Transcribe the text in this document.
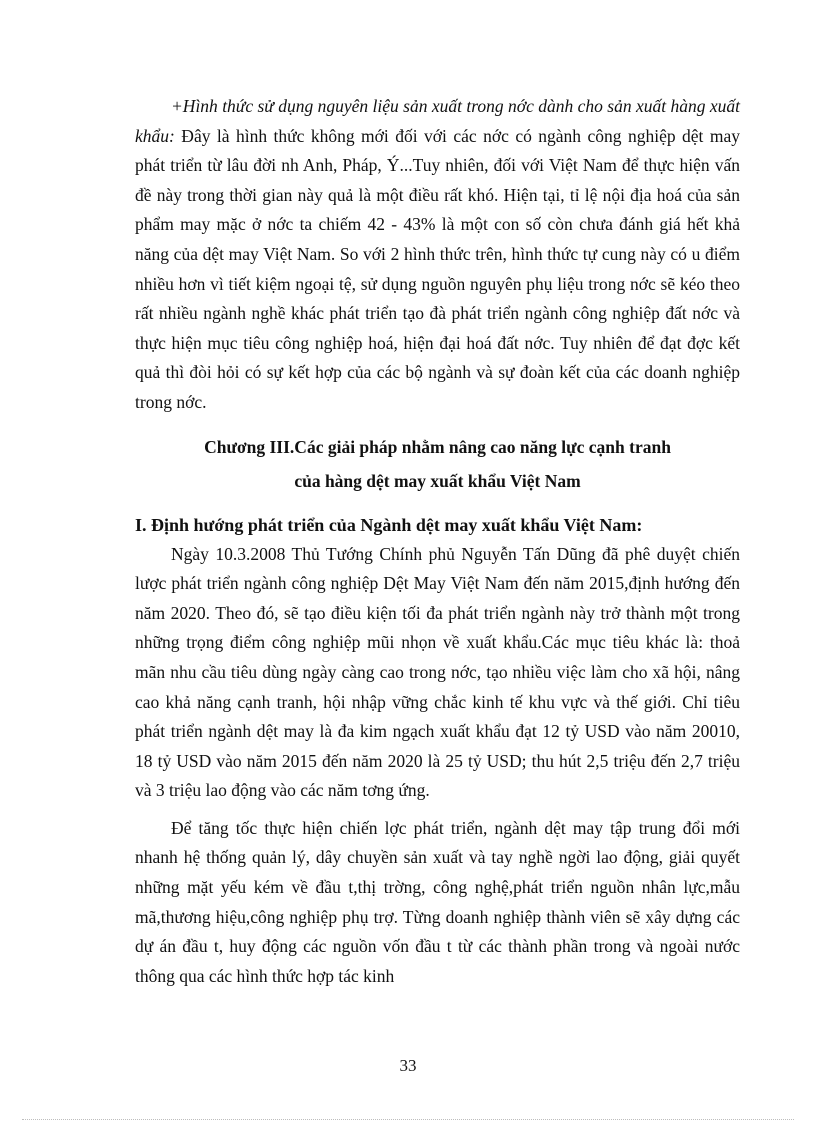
+Hình thức sử dụng nguyên liệu sản xuất trong nớc dành cho sản xuất hàng xuất khẩu: Đây là hình thức không mới đối với các nớc có ngành công nghiệp dệt may phát triển từ lâu đời nh Anh, Pháp, Ý...Tuy nhiên, đối với Việt Nam để thực hiện vấn đề này trong thời gian này quả là một điều rất khó. Hiện tại, tỉ lệ nội địa hoá của sản phẩm may mặc ở nớc ta chiếm 42 - 43% là một con số còn chưa đánh giá hết khả năng của dệt may Việt Nam. So với 2 hình thức trên, hình thức tự cung này có u điểm nhiều hơn vì tiết kiệm ngoại tệ, sử dụng nguồn nguyên phụ liệu trong nớc sẽ kéo theo rất nhiều ngành nghề khác phát triển tạo đà phát triển ngành công nghiệp đất nớc và thực hiện mục tiêu công nghiệp hoá, hiện đại hoá đất nớc. Tuy nhiên để đạt đợc kết quả thì đòi hỏi có sự kết hợp của các bộ ngành và sự đoàn kết của các doanh nghiệp trong nớc.

Chương III.Các giải pháp nhằm nâng cao năng lực cạnh tranh
của hàng dệt may xuất khẩu Việt Nam
I. Định hướng phát triển của Ngành dệt may xuất khẩu Việt Nam:

Ngày 10.3.2008 Thủ Tướng Chính phủ Nguyễn Tấn Dũng đã phê duyệt chiến lược phát triển ngành công nghiệp Dệt May Việt Nam đến năm 2015,định hướng đến năm 2020. Theo đó, sẽ tạo điều kiện tối đa phát triển ngành này trở thành một trong những trọng điểm công nghiệp mũi nhọn về xuất khẩu.Các mục tiêu khác là: thoả mãn nhu cầu tiêu dùng ngày càng cao trong nớc, tạo nhiều việc làm cho xã hội, nâng cao khả năng cạnh tranh, hội nhập vững chắc kinh tế khu vực và thế giới. Chỉ tiêu phát triển ngành dệt may là đa kim ngạch xuất khẩu đạt 12 tỷ USD vào năm 20010, 18 tỷ USD vào năm 2015 đến năm 2020 là 25 tỷ USD; thu hút 2,5 triệu đến 2,7 triệu và 3 triệu lao động vào các năm tơng ứng.

Để tăng tốc thực hiện chiến lợc phát triển, ngành dệt may tập trung đổi mới nhanh hệ thống quản lý, dây chuyền sản xuất và tay nghề ngời lao động, giải quyết những mặt yếu kém về đầu t,thị trờng, công nghệ,phát triển nguồn nhân lực,mẫu mã,thương hiệu,công nghiệp phụ trợ. Từng doanh nghiệp thành viên sẽ xây dựng các dự án đầu t, huy động các nguồn vốn đầu t từ các thành phần trong và ngoài nước thông qua các hình thức hợp tác kinh

33
